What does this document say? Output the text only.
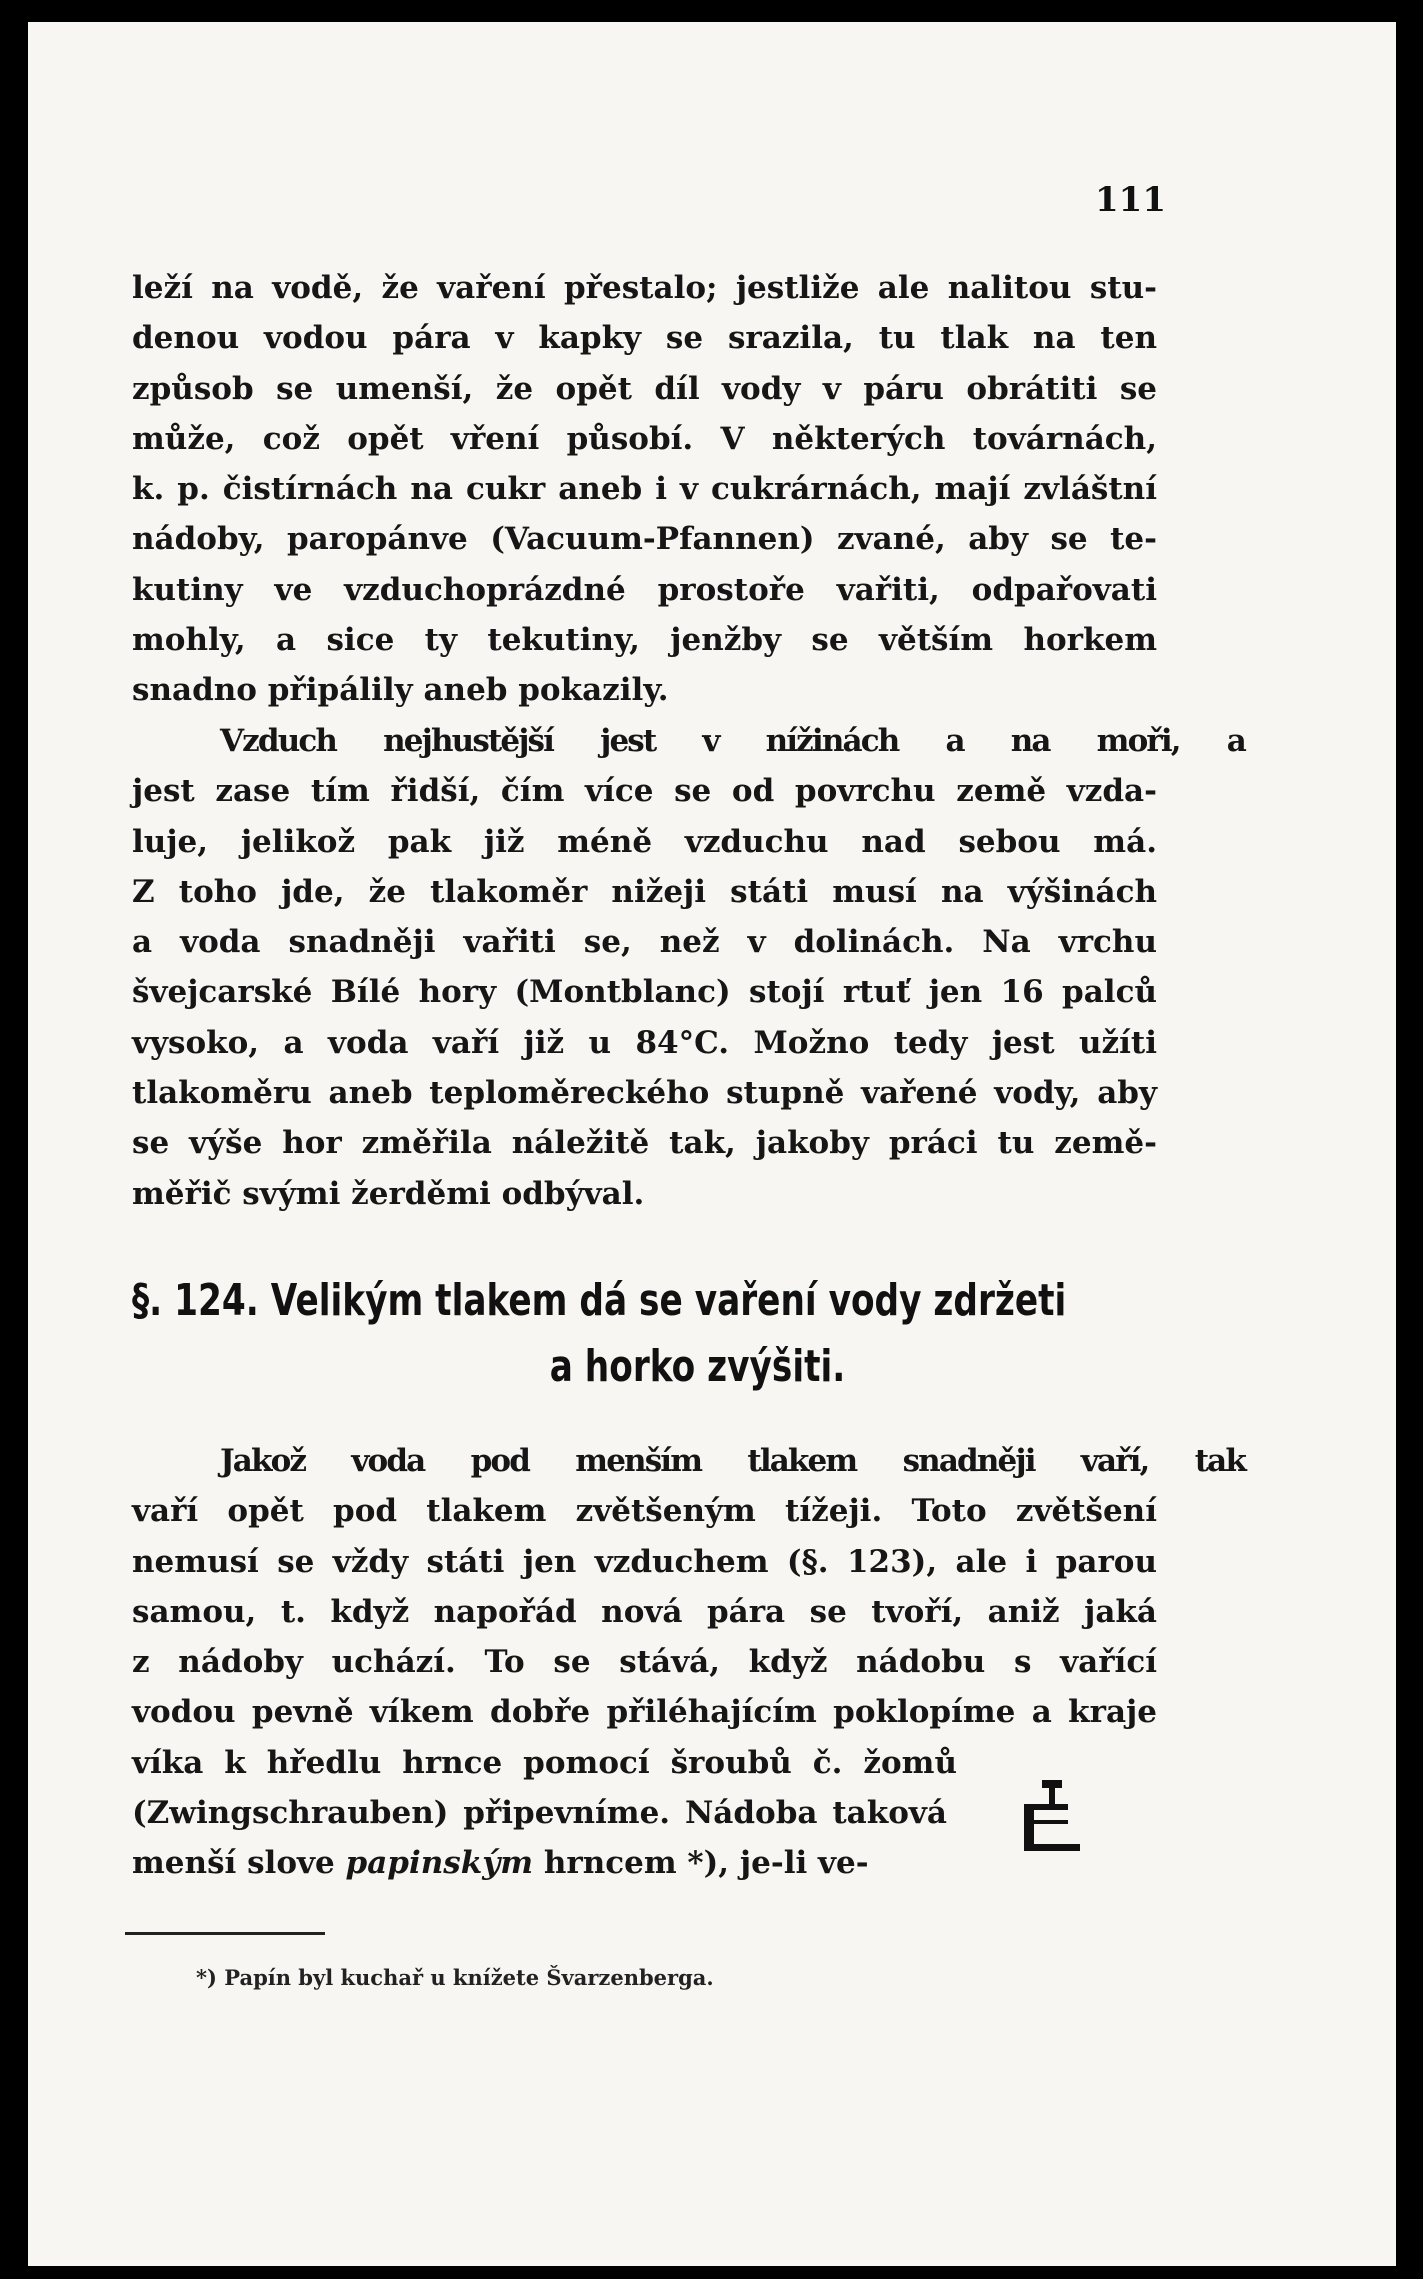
111
leží na vodě, že vaření přestalo; jestliže ale nalitou stu-
denou vodou pára v kapky se srazila, tu tlak na ten
způsob se umenší, že opět díl vody v páru obrátiti se
může, což opět vření působí. V některých továrnách,
k. p. čistírnách na cukr aneb i v cukrárnách, mají zvláštní
nádoby, paropánve (Vacuum-Pfannen) zvané, aby se te-
kutiny ve vzduchoprázdné prostoře vařiti, odpařovati
mohly, a sice ty tekutiny, jenžby se větším horkem
snadno připálily aneb pokazily.
Vzduch nejhustější jest v nížinách a na moři, a
jest zase tím řidší, čím více se od povrchu země vzda-
luje, jelikož pak již méně vzduchu nad sebou má.
Z toho jde, že tlakoměr nižeji státi musí na výšinách
a voda snadněji vařiti se, než v dolinách. Na vrchu
švejcarské Bílé hory (Montblanc) stojí rtuť jen 16 palců
vysoko, a voda vaří již u 84°C. Možno tedy jest užíti
tlakoměru aneb teploměreckého stupně vařené vody, aby
se výše hor změřila náležitě tak, jakoby práci tu země-
měřič svými žerděmi odbýval.
§. 124. Velikým tlakem dá se vaření vody zdržeti
a horko zvýšiti.
Jakož voda pod menším tlakem snadněji vaří, tak
vaří opět pod tlakem zvětšeným tížeji. Toto zvětšení
nemusí se vždy státi jen vzduchem (§. 123), ale i parou
samou, t. když napořád nová pára se tvoří, aniž jaká
z nádoby uchází. To se stává, když nádobu s vařící
vodou pevně víkem dobře přiléhajícím poklopíme a kraje
víka k hředlu hrnce pomocí šroubů č. žomů
(Zwingschrauben) připevníme. Nádoba taková
menší slove papinským hrncem *), je-li ve-
*) Papín byl kuchař u knížete Švarzenberga.
